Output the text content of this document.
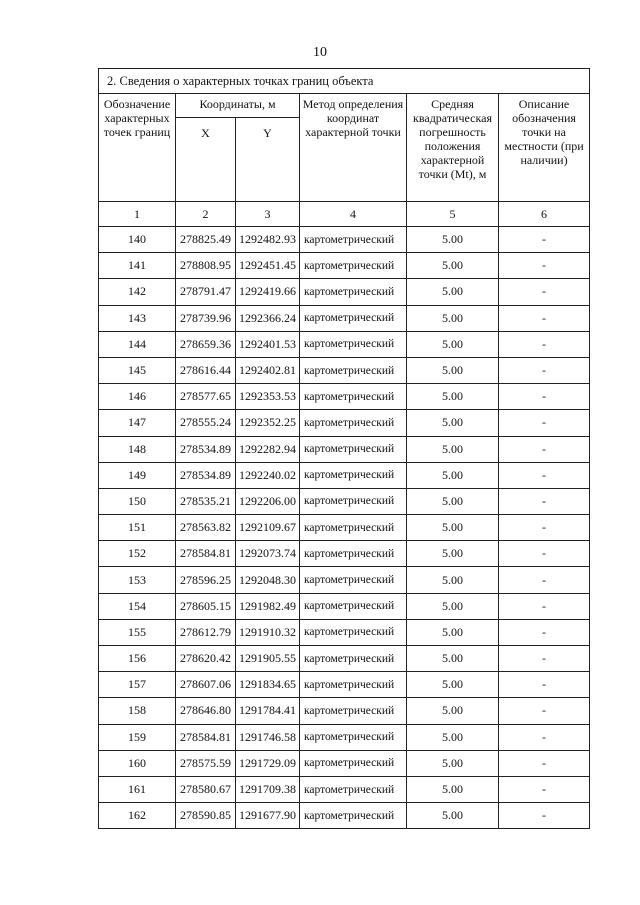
10
2. Сведения о характерных точках границ объекта					
Обозначение характерных точек границ	Координаты, м		Метод определения координат характерной точки	Средняя квадратическая погрешность положения характерной точки (Mt), м	Описание обозначения точки на местности (при наличии)
	X	Y			
1	2	3	4	5	6
140	278825.49	1292482.93	картометрический	5.00	-
141	278808.95	1292451.45	картометрический	5.00	-
142	278791.47	1292419.66	картометрический	5.00	-
143	278739.96	1292366.24	картометрический	5.00	-
144	278659.36	1292401.53	картометрический	5.00	-
145	278616.44	1292402.81	картометрический	5.00	-
146	278577.65	1292353.53	картометрический	5.00	-
147	278555.24	1292352.25	картометрический	5.00	-
148	278534.89	1292282.94	картометрический	5.00	-
149	278534.89	1292240.02	картометрический	5.00	-
150	278535.21	1292206.00	картометрический	5.00	-
151	278563.82	1292109.67	картометрический	5.00	-
152	278584.81	1292073.74	картометрический	5.00	-
153	278596.25	1292048.30	картометрический	5.00	-
154	278605.15	1291982.49	картометрический	5.00	-
155	278612.79	1291910.32	картометрический	5.00	-
156	278620.42	1291905.55	картометрический	5.00	-
157	278607.06	1291834.65	картометрический	5.00	-
158	278646.80	1291784.41	картометрический	5.00	-
159	278584.81	1291746.58	картометрический	5.00	-
160	278575.59	1291729.09	картометрический	5.00	-
161	278580.67	1291709.38	картометрический	5.00	-
162	278590.85	1291677.90	картометрический	5.00	-
